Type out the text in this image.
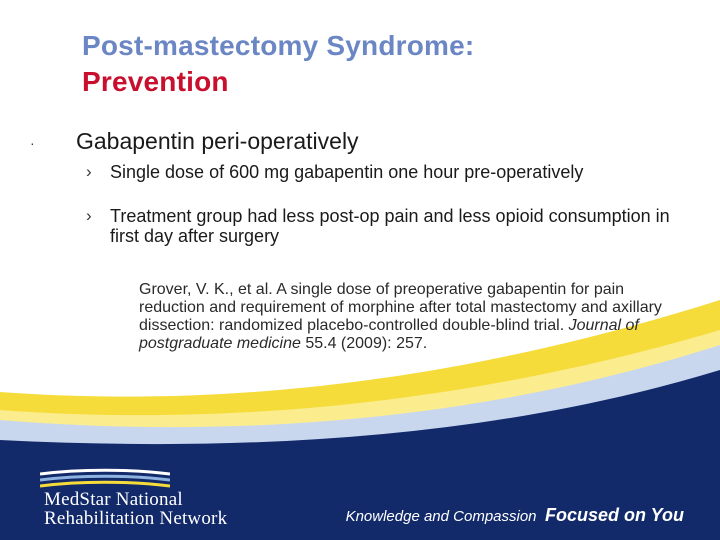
Post-mastectomy Syndrome:
Prevention
· Gabapentin peri-operatively
› Single dose of 600 mg gabapentin one hour pre-operatively
› Treatment group had less post-op pain and less opioid consumption in first day after surgery

Grover, V. K., et al. A single dose of preoperative gabapentin for pain reduction and requirement of morphine after total mastectomy and axillary dissection: randomized placebo-controlled double-blind trial. Journal of postgraduate medicine 55.4 (2009): 257.

MedStar National
Rehabilitation Network	Knowledge and Compassion Focused on You
